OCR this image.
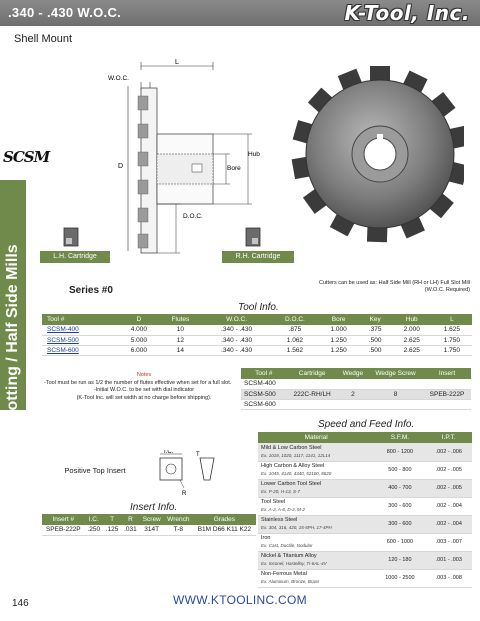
.340 - .430 W.O.C.	K-Tool, Inc.
Shell Mount
SCSM
Slotting / Half Side Mills
L
W.O.C.
D	Bore
Hub
D.O.C.
L.H. Cartridge	R.H. Cartridge
Series #0
Cutters can be used as: Half Side Mill (RH or LH) Full Slot Mill (W.O.C. Required)
Tool Info.
Tool #	D	Flutes	W.O.C.	D.O.C.	Bore	Key	Hub	L
SCSM-400	4.000	10	.340 - .430	.875	1.000	.375	2.000	1.625
SCSM-500	5.000	12	.340 - .430	1.062	1.250	.500	2.625	1.750
SCSM-600	6.000	14	.340 - .430	1.562	1.250	.500	2.625	1.750
Notes
-Tool must be run as 1/2 the number of flutes effective when set for a full slot.
-Initial W.O.C. to be set with dial indicator
(K-Tool Inc. will set width at no charge before shipping).
Tool #	Cartridge	Wedge	Wedge Screw	Insert
SCSM-400				
SCSM-500	222C-RH/LH	2	8	SPEB-222P
SCSM-600				
Speed and Feed Info.
Material	S.F.M.	I.P.T.
Mild & Low Carbon Steel
Ex. 1018, 1020, 1117, 1141, 12L14	800 - 1200	.002 - .006
High Carbon & Alloy Steel
Ex. 1045, 4140, 4340, 52100, 8620	500 - 800	.002 - .005
Lower Carbon Tool Steel
Ex. P-20, H-13, S-7	400 - 700	.002 - .005
Tool Steel
Ex. A-2, A-6, D-2, M-2	300 - 600	.002 - .004
Stainless Steel
Ex. 304, 316, 420, 15-5PH, 17-4PH	300 - 600	.002 - .004
Iron
Ex. Cast, Ductile, Nodular	600 - 1000	.003 - .007
Nickel & Titanium Alloy
Ex. Inconel, Hastelloy, Ti-6AL-4V	120 - 180	.001 - .003
Non-Ferrous Metal
Ex. Aluminum, Bronze, Brass	1000 - 2500	.003 - .008
Positive Top Insert
I.C.	T
R
Insert Info.
Insert #	I.C.	T	R	Screw	Wrench	Grades
SPEB-222P	.250	.125	.031	314T	T-8	B1M D66 K11 K22
WWW.KTOOLINC.COM
146
